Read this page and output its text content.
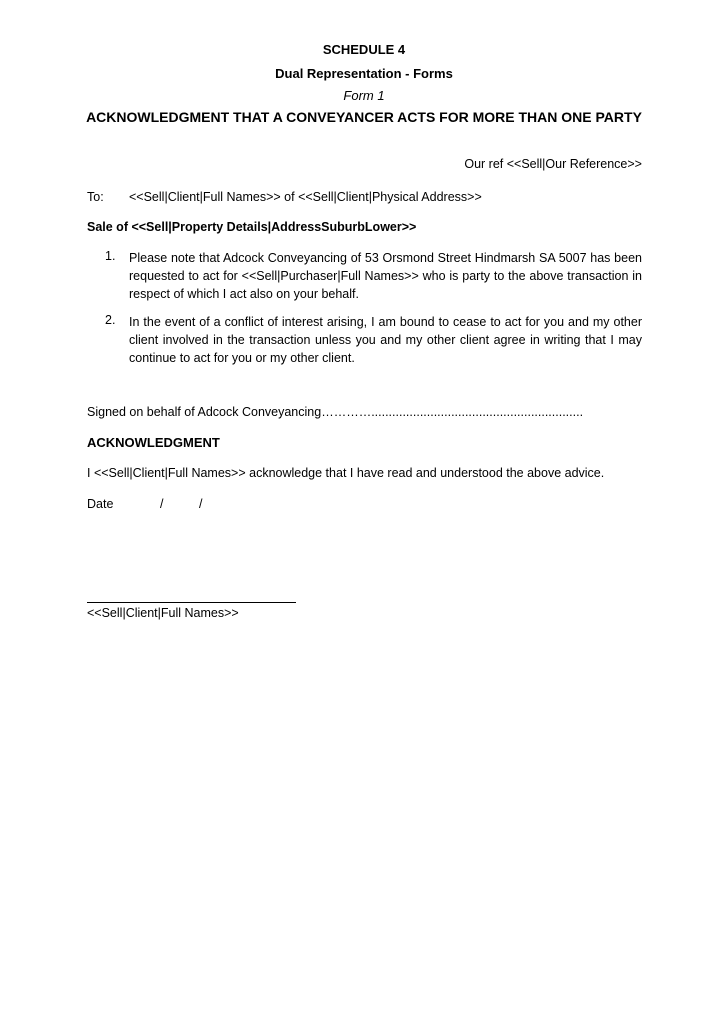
SCHEDULE 4
Dual Representation - Forms
Form 1
ACKNOWLEDGMENT THAT A CONVEYANCER ACTS FOR MORE THAN ONE PARTY
Our ref <<Sell|Our Reference>>
To: <<Sell|Client|Full Names>> of <<Sell|Client|Physical Address>>
Sale of <<Sell|Property Details|AddressSuburbLower>>
1. Please note that Adcock Conveyancing of 53 Orsmond Street Hindmarsh SA 5007 has been requested to act for <<Sell|Purchaser|Full Names>> who is party to the above transaction in respect of which I act also on your behalf.

2. In the event of a conflict of interest arising, I am bound to cease to act for you and my other client involved in the transaction unless you and my other client agree in writing that I may continue to act for you or my other client.

Signed on behalf of Adcock Conveyancing………….............................................................
ACKNOWLEDGMENT
I <<Sell|Client|Full Names>> acknowledge that I have read and understood the above advice.
Date	/	/
<<Sell|Client|Full Names>>
